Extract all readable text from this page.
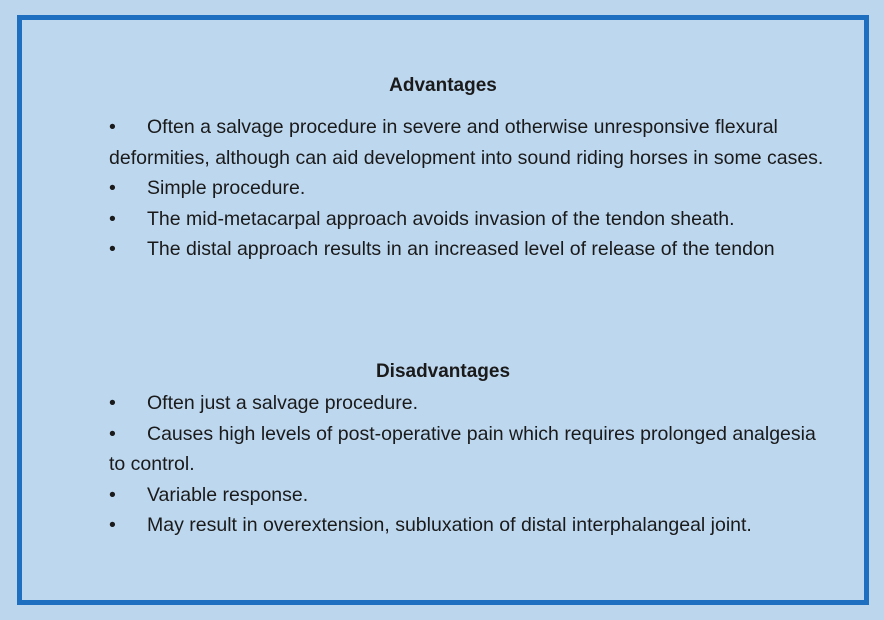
Advantages
• Often a salvage procedure in severe and otherwise unresponsive flexural deformities, although can aid development into sound riding horses in some cases.
• Simple procedure.
• The mid-metacarpal approach avoids invasion of the tendon sheath.
• The distal approach results in an increased level of release of the tendon
Disadvantages
• Often just a salvage procedure.
• Causes high levels of post-operative pain which requires prolonged analgesia to control.
• Variable response.
• May result in overextension, subluxation of distal interphalangeal joint.
